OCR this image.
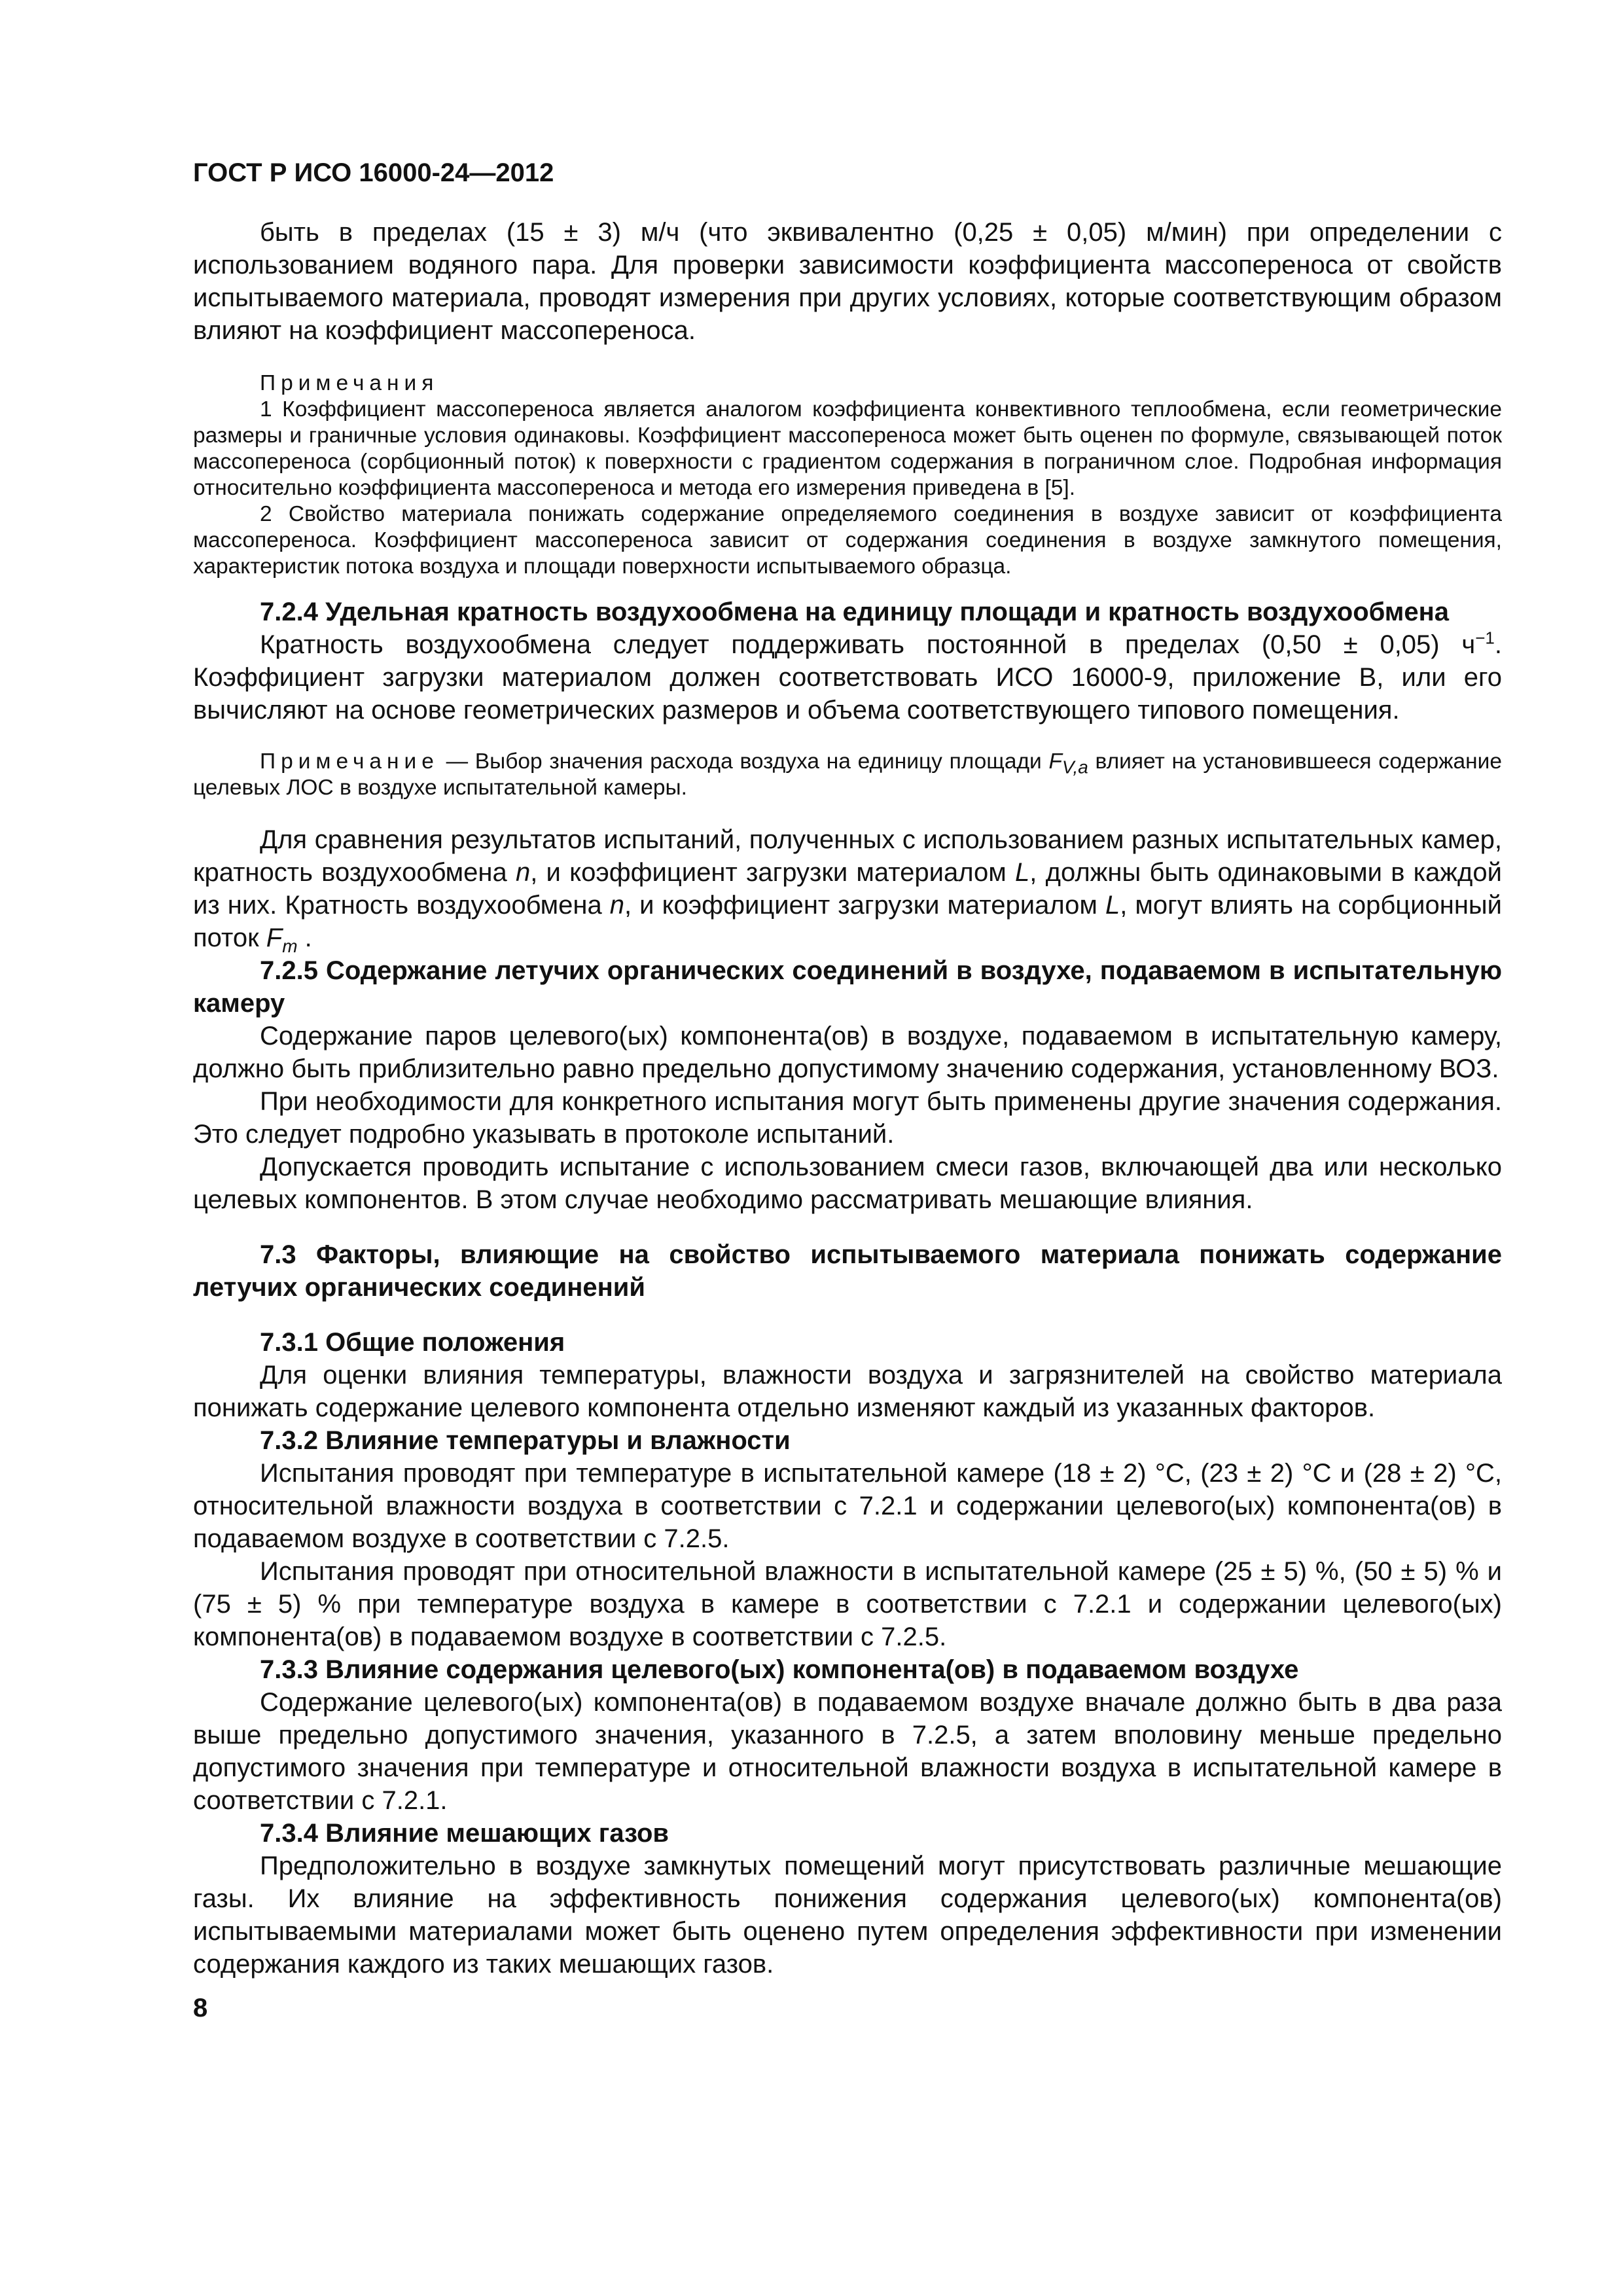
ГОСТ Р ИСО 16000-24—2012

быть в пределах (15 ± 3) м/ч (что эквивалентно (0,25 ± 0,05) м/мин) при определении с использованием водяного пара. Для проверки зависимости коэффициента массопереноса от свойств испытываемого материала, проводят измерения при других условиях, которые соответствующим образом влияют на коэффициент массопереноса.

Примечания

1 Коэффициент массопереноса является аналогом коэффициента конвективного теплообмена, если геометрические размеры и граничные условия одинаковы. Коэффициент массопереноса может быть оценен по формуле, связывающей поток массопереноса (сорбционный поток) к поверхности с градиентом содержания в пограничном слое. Подробная информация относительно коэффициента массопереноса и метода его измерения приведена в [5].

2 Свойство материала понижать содержание определяемого соединения в воздухе зависит от коэффициента массопереноса. Коэффициент массопереноса зависит от содержания соединения в воздухе замкнутого помещения, характеристик потока воздуха и площади поверхности испытываемого образца.

7.2.4 Удельная кратность воздухообмена на единицу площади и кратность воздухообмена

Кратность воздухообмена следует поддерживать постоянной в пределах (0,50 ± 0,05) $ч^{-1}$. Коэффициент загрузки материалом должен соответствовать ИСО 16000-9, приложение В, или его вычисляют на основе геометрических размеров и объема соответствующего типового помещения.

Примечание — Выбор значения расхода воздуха на единицу площади $F_{V,a}$ влияет на установившееся содержание целевых ЛОС в воздухе испытательной камеры.

Для сравнения результатов испытаний, полученных с использованием разных испытательных камер, кратность воздухообмена n, и коэффициент загрузки материалом L, должны быть одинаковыми в каждой из них. Кратность воздухообмена n, и коэффициент загрузки материалом L, могут влиять на сорбционный поток $F_m$ .

7.2.5 Содержание летучих органических соединений в воздухе, подаваемом в испытательную камеру

Содержание паров целевого(ых) компонента(ов) в воздухе, подаваемом в испытательную камеру, должно быть приблизительно равно предельно допустимому значению содержания, установленному ВОЗ.

При необходимости для конкретного испытания могут быть применены другие значения содержания. Это следует подробно указывать в протоколе испытаний.

Допускается проводить испытание с использованием смеси газов, включающей два или несколько целевых компонентов. В этом случае необходимо рассматривать мешающие влияния.

7.3 Факторы, влияющие на свойство испытываемого материала понижать содержание летучих органических соединений

7.3.1 Общие положения

Для оценки влияния температуры, влажности воздуха и загрязнителей на свойство материала понижать содержание целевого компонента отдельно изменяют каждый из указанных факторов.

7.3.2 Влияние температуры и влажности

Испытания проводят при температуре в испытательной камере (18 ± 2) °С, (23 ± 2) °С и (28 ± 2) °С, относительной влажности воздуха в соответствии с 7.2.1 и содержании целевого(ых) компонента(ов) в подаваемом воздухе в соответствии с 7.2.5.

Испытания проводят при относительной влажности в испытательной камере (25 ± 5) %, (50 ± 5) % и (75 ± 5) % при температуре воздуха в камере в соответствии с 7.2.1 и содержании целевого(ых) компонента(ов) в подаваемом воздухе в соответствии с 7.2.5.

7.3.3 Влияние содержания целевого(ых) компонента(ов) в подаваемом воздухе

Содержание целевого(ых) компонента(ов) в подаваемом воздухе вначале должно быть в два раза выше предельно допустимого значения, указанного в 7.2.5, а затем вполовину меньше предельно допустимого значения при температуре и относительной влажности воздуха в испытательной камере в соответствии с 7.2.1.

7.3.4 Влияние мешающих газов

Предположительно в воздухе замкнутых помещений могут присутствовать различные мешающие газы. Их влияние на эффективность понижения содержания целевого(ых) компонента(ов) испытываемыми материалами может быть оценено путем определения эффективности при изменении содержания каждого из таких мешающих газов.

8
